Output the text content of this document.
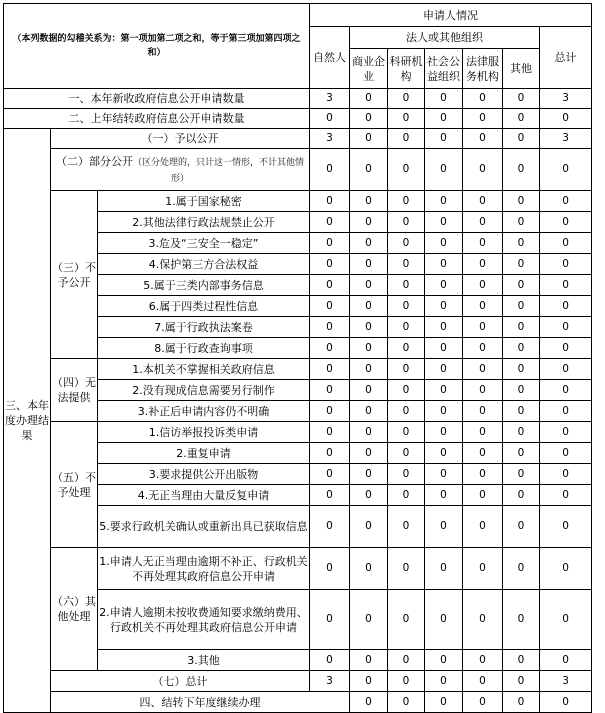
（本列数据的勾稽关系为：第一项加第二项之和，等于第三项加第四项之和）			申请人情况							
			自然人	法人或其他组织					总计	
				商业企业	科研机构	社会公益组织	法律服务机构	其他		
一、本年新收政府信息公开申请数量			3	0	0	0	0	0	3	
二、上年结转政府信息公开申请数量			0	0	0	0	0	0	0	
三、本年度办理结果	（一）予以公开		3	0	0	0	0	0	3	
	（二）部分公开（区分处理的，只计这一情形，不计其他情形）		0	0	0	0	0	0	0	
	（三）不予公开	1.属于国家秘密	0	0	0	0	0	0	0	
		2.其他法律行政法规禁止公开	0	0	0	0	0	0	0	
		3.危及“三安全一稳定”	0	0	0	0	0	0	0	
		4.保护第三方合法权益	0	0	0	0	0	0	0	
		5.属于三类内部事务信息	0	0	0	0	0	0	0	
		6.属于四类过程性信息	0	0	0	0	0	0	0	
		7.属于行政执法案卷	0	0	0	0	0	0	0	
		8.属于行政查询事项	0	0	0	0	0	0	0	
	（四）无法提供	1.本机关不掌握相关政府信息	0	0	0	0	0	0	0	
		2.没有现成信息需要另行制作	0	0	0	0	0	0	0	
		3.补正后申请内容仍不明确	0	0	0	0	0	0	0	
	（五）不予处理	1.信访举报投诉类申请	0	0	0	0	0	0	0	
		2.重复申请	0	0	0	0	0	0	0	
		3.要求提供公开出版物	0	0	0	0	0	0	0	
		4.无正当理由大量反复申请	0	0	0	0	0	0	0	
		5.要求行政机关确认或重新出具已获取信息	0	0	0	0	0	0	0	
	（六）其他处理	1.申请人无正当理由逾期不补正、行政机关不再处理其政府信息公开申请	0	0	0	0	0	0	0	
		2.申请人逾期未按收费通知要求缴纳费用、行政机关不再处理其政府信息公开申请	0	0	0	0	0	0	0	
		3.其他	0	0	0	0	0	0	0	
	（七）总计		3	0	0	0	0	0	3	
	四、结转下年度继续办理			0	0	0	0	0	0	
